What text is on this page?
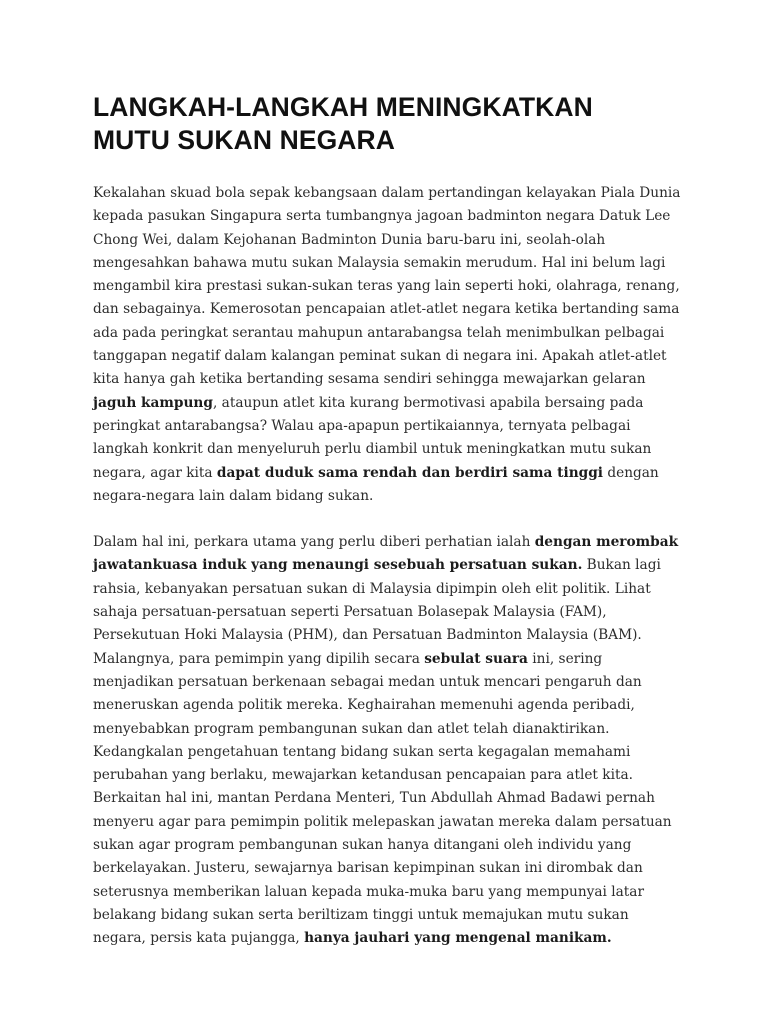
LANGKAH-LANGKAH MENINGKATKAN
MUTU SUKAN NEGARA

Kekalahan skuad bola sepak kebangsaan dalam pertandingan kelayakan Piala Dunia kepada pasukan Singapura serta tumbangnya jagoan badminton negara Datuk Lee Chong Wei, dalam Kejohanan Badminton Dunia baru-baru ini, seolah-olah mengesahkan bahawa mutu sukan Malaysia semakin merudum. Hal ini belum lagi mengambil kira prestasi sukan-sukan teras yang lain seperti hoki, olahraga, renang, dan sebagainya. Kemerosotan pencapaian atlet-atlet negara ketika bertanding sama ada pada peringkat serantau mahupun antarabangsa telah menimbulkan pelbagai tanggapan negatif dalam kalangan peminat sukan di negara ini. Apakah atlet-atlet kita hanya gah ketika bertanding sesama sendiri sehingga mewajarkan gelaran jaguh kampung, ataupun atlet kita kurang bermotivasi apabila bersaing pada peringkat antarabangsa? Walau apa-apapun pertikaiannya, ternyata pelbagai langkah konkrit dan menyeluruh perlu diambil untuk meningkatkan mutu sukan negara, agar kita dapat duduk sama rendah dan berdiri sama tinggi dengan negara-negara lain dalam bidang sukan.

Dalam hal ini, perkara utama yang perlu diberi perhatian ialah dengan merombak jawatankuasa induk yang menaungi sesebuah persatuan sukan. Bukan lagi rahsia, kebanyakan persatuan sukan di Malaysia dipimpin oleh elit politik. Lihat sahaja persatuan-persatuan seperti Persatuan Bolasepak Malaysia (FAM), Persekutuan Hoki Malaysia (PHM), dan Persatuan Badminton Malaysia (BAM). Malangnya, para pemimpin yang dipilih secara sebulat suara ini, sering menjadikan persatuan berkenaan sebagai medan untuk mencari pengaruh dan meneruskan agenda politik mereka. Keghairahan memenuhi agenda peribadi, menyebabkan program pembangunan sukan dan atlet telah dianaktirikan. Kedangkalan pengetahuan tentang bidang sukan serta kegagalan memahami perubahan yang berlaku, mewajarkan ketandusan pencapaian para atlet kita. Berkaitan hal ini, mantan Perdana Menteri, Tun Abdullah Ahmad Badawi pernah menyeru agar para pemimpin politik melepaskan jawatan mereka dalam persatuan sukan agar program pembangunan sukan hanya ditangani oleh individu yang berkelayakan. Justeru, sewajarnya barisan kepimpinan sukan ini dirombak dan seterusnya memberikan laluan kepada muka-muka baru yang mempunyai latar belakang bidang sukan serta beriltizam tinggi untuk memajukan mutu sukan negara, persis kata pujangga, hanya jauhari yang mengenal manikam.
